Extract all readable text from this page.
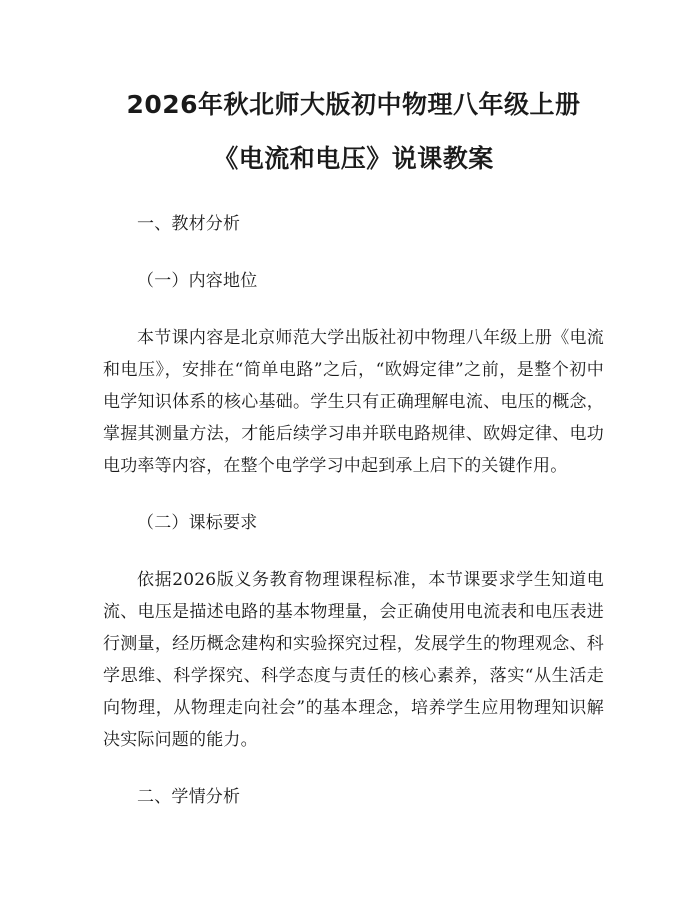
2026年秋北师大版初中物理八年级上册《电流和电压》说课教案

一、教材分析

（一）内容地位

本节课内容是北京师范大学出版社初中物理八年级上册《电流和电压》，安排在“简单电路”之后，“欧姆定律”之前，是整个初中电学知识体系的核心基础。学生只有正确理解电流、电压的概念，掌握其测量方法，才能后续学习串并联电路规律、欧姆定律、电功电功率等内容，在整个电学学习中起到承上启下的关键作用。

（二）课标要求

依据2026版义务教育物理课程标准，本节课要求学生知道电流、电压是描述电路的基本物理量，会正确使用电流表和电压表进行测量，经历概念建构和实验探究过程，发展学生的物理观念、科学思维、科学探究、科学态度与责任的核心素养，落实“从生活走向物理，从物理走向社会”的基本理念，培养学生应用物理知识解决实际问题的能力。

二、学情分析
